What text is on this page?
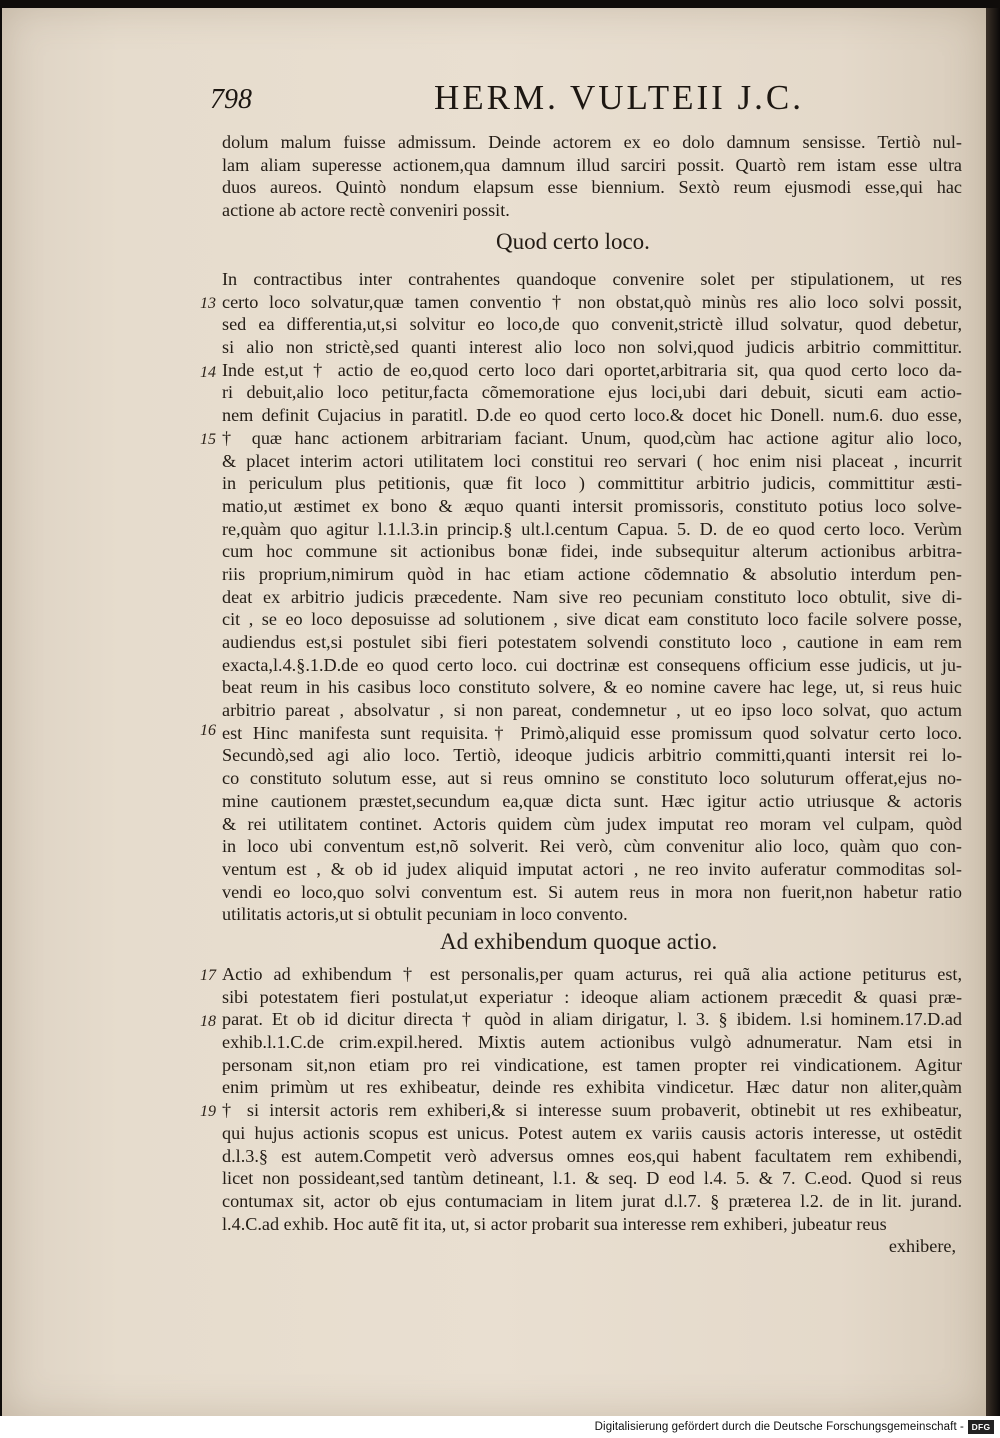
798	HERM. VULTEII J.C.
dolum malum fuisse admissum. Deinde actorem ex eo dolo damnum sensisse. Tertiò nul-
lam aliam superesse actionem,qua damnum illud sarciri possit. Quartò rem istam esse ultra
duos aureos. Quintò nondum elapsum esse biennium. Sextò reum ejusmodi esse,qui hac
actione ab actore rectè conveniri possit.
Quod certo loco.
In contractibus inter contrahentes quandoque convenire solet per stipulationem, ut res
certo loco solvatur,quæ tamen conventio † non obstat,quò minùs res alio loco solvi possit,
sed ea differentia,ut,si solvitur eo loco,de quo convenit,strictè illud solvatur, quod debetur,
si alio non strictè,sed quanti interest alio loco non solvi,quod judicis arbitrio committitur.
Inde est,ut † actio de eo,quod certo loco dari oportet,arbitraria sit, qua quod certo loco da-
ri debuit,alio loco petitur,facta cõmemoratione ejus loci,ubi dari debuit, sicuti eam actio-
nem definit Cujacius in paratitl. D.de eo quod certo loco.& docet hic Donell. num.6. duo esse,
† quæ hanc actionem arbitrariam faciant. Unum, quod,cùm hac actione agitur alio loco,
& placet interim actori utilitatem loci constitui reo servari ( hoc enim nisi placeat , incurrit
in periculum plus petitionis, quæ fit loco ) committitur arbitrio judicis, committitur æsti-
matio,ut æstimet ex bono & æquo quanti intersit promissoris, constituto potius loco solve-
re,quàm quo agitur l.1.l.3.in princip.§ ult.l.centum Capua. 5. D. de eo quod certo loco. Verùm
cum hoc commune sit actionibus bonæ fidei, inde subsequitur alterum actionibus arbitra-
riis proprium,nimirum quòd in hac etiam actione cõdemnatio & absolutio interdum pen-
deat ex arbitrio judicis præcedente. Nam sive reo pecuniam constituto loco obtulit, sive di-
cit , se eo loco deposuisse ad solutionem , sive dicat eam constituto loco facile solvere posse,
audiendus est,si postulet sibi fieri potestatem solvendi constituto loco , cautione in eam rem
exacta,l.4.§.1.D.de eo quod certo loco. cui doctrinæ est consequens officium esse judicis, ut ju-
beat reum in his casibus loco constituto solvere, & eo nomine cavere hac lege, ut, si reus huic
arbitrio pareat , absolvatur , si non pareat, condemnetur , ut eo ipso loco solvat, quo actum
est Hinc manifesta sunt requisita.† Primò,aliquid esse promissum quod solvatur certo loco.
Secundò,sed agi alio loco. Tertiò, ideoque judicis arbitrio committi,quanti intersit rei lo-
co constituto solutum esse, aut si reus omnino se constituto loco soluturum offerat,ejus no-
mine cautionem præstet,secundum ea,quæ dicta sunt. Hæc igitur actio utriusque & actoris
& rei utilitatem continet. Actoris quidem cùm judex imputat reo moram vel culpam, quòd
in loco ubi conventum est,nõ solverit. Rei verò, cùm convenitur alio loco, quàm quo con-
ventum est , & ob id judex aliquid imputat actori , ne reo invito auferatur commoditas sol-
vendi eo loco,quo solvi conventum est. Si autem reus in mora non fuerit,non habetur ratio
utilitatis actoris,ut si obtulit pecuniam in loco convento.
Ad exhibendum quoque actio.
Actio ad exhibendum † est personalis,per quam acturus, rei quã alia actione petiturus est,
sibi potestatem fieri postulat,ut experiatur : ideoque aliam actionem præcedit & quasi præ-
parat. Et ob id dicitur directa † quòd in aliam dirigatur, l. 3. § ibidem. l.si hominem.17.D.ad
exhib.l.1.C.de crim.expil.hered. Mixtis autem actionibus vulgò adnumeratur. Nam etsi in
personam sit,non etiam pro rei vindicatione, est tamen propter rei vindicationem. Agitur
enim primùm ut res exhibeatur, deinde res exhibita vindicetur. Hæc datur non aliter,quàm
† si intersit actoris rem exhiberi,& si interesse suum probaverit, obtinebit ut res exhibeatur,
qui hujus actionis scopus est unicus. Potest autem ex variis causis actoris interesse, ut ostēdit
d.l.3.§ est autem.Competit verò adversus omnes eos,qui habent facultatem rem exhibendi,
licet non possideant,sed tantùm detineant, l.1. & seq. D eod l.4. 5. & 7. C.eod. Quod si reus
contumax sit, actor ob ejus contumaciam in litem jurat d.l.7. § præterea l.2. de in lit. jurand.
l.4.C.ad exhib. Hoc autẽ fit ita, ut, si actor probarit sua interesse rem exhiberi, jubeatur reus
exhibere,
13
14
15
16
17
18
19
Digitalisierung gefördert durch die Deutsche Forschungsgemeinschaft - DFG
